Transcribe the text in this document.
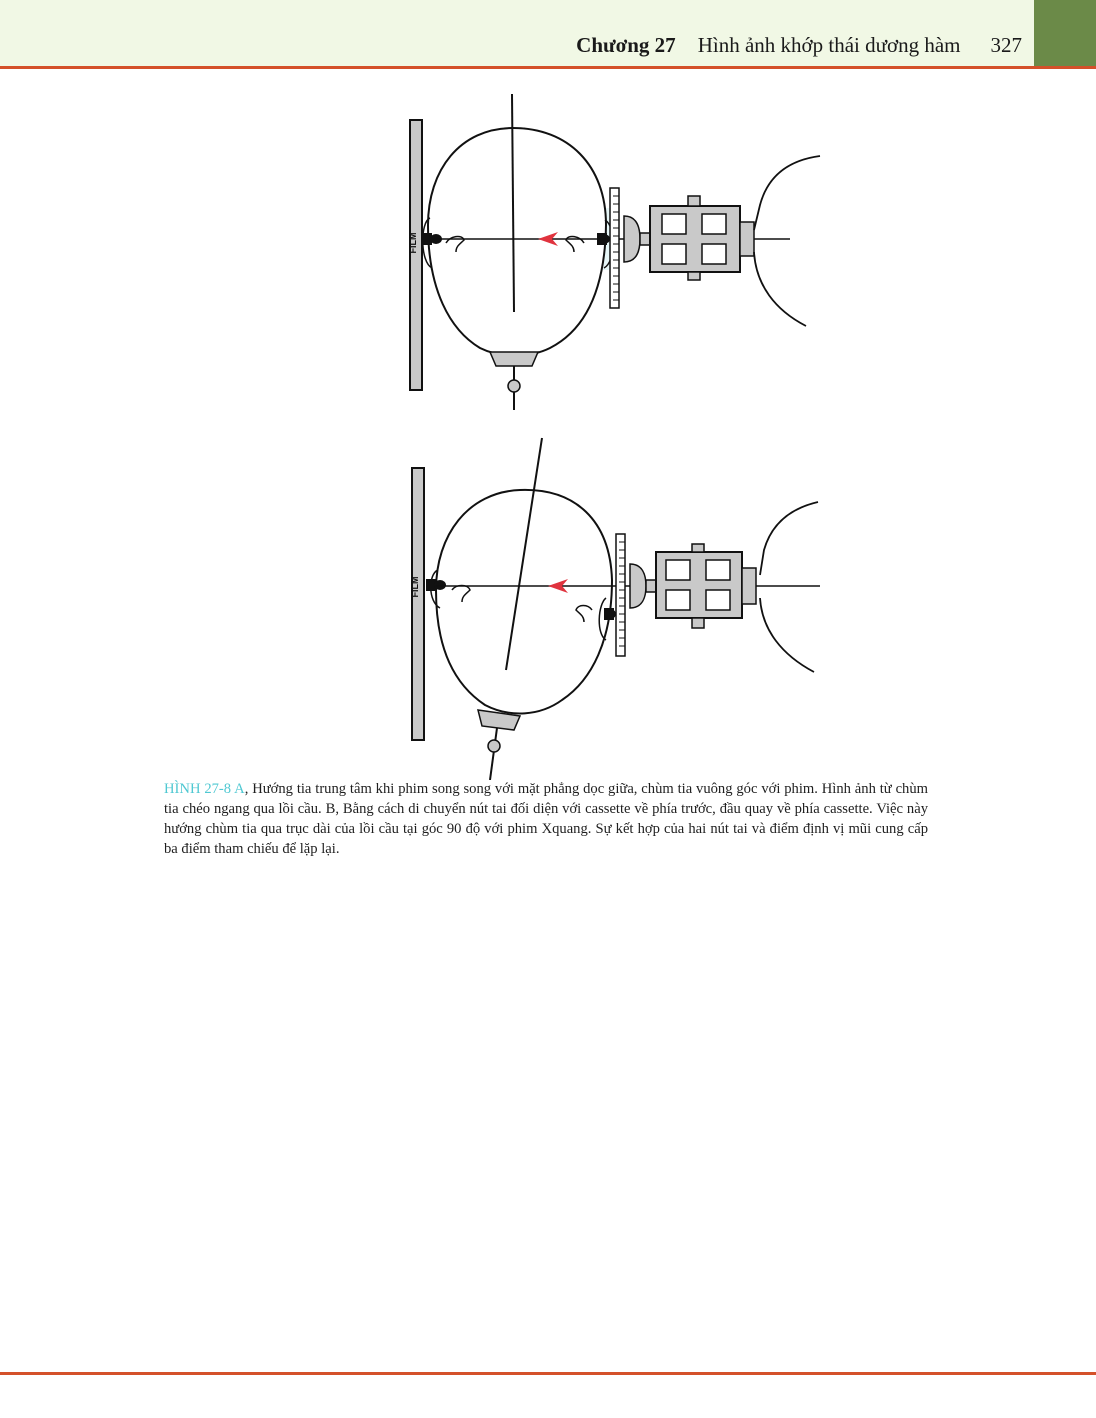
Chương 27 Hình ảnh khớp thái dương hàm 327
FILM
FILM
HÌNH 27-8 A, Hướng tia trung tâm khi phim song song với mặt phẳng dọc giữa, chùm tia vuông góc với phim. Hình ảnh từ chùm tia chéo ngang qua lồi cầu. B, Bằng cách di chuyển nút tai đối diện với cassette về phía trước, đầu quay về phía cassette. Việc này hướng chùm tia qua trục dài của lồi cầu tại góc 90 độ với phim Xquang. Sự kết hợp của hai nút tai và điểm định vị mũi cung cấp ba điểm tham chiếu để lặp lại.
